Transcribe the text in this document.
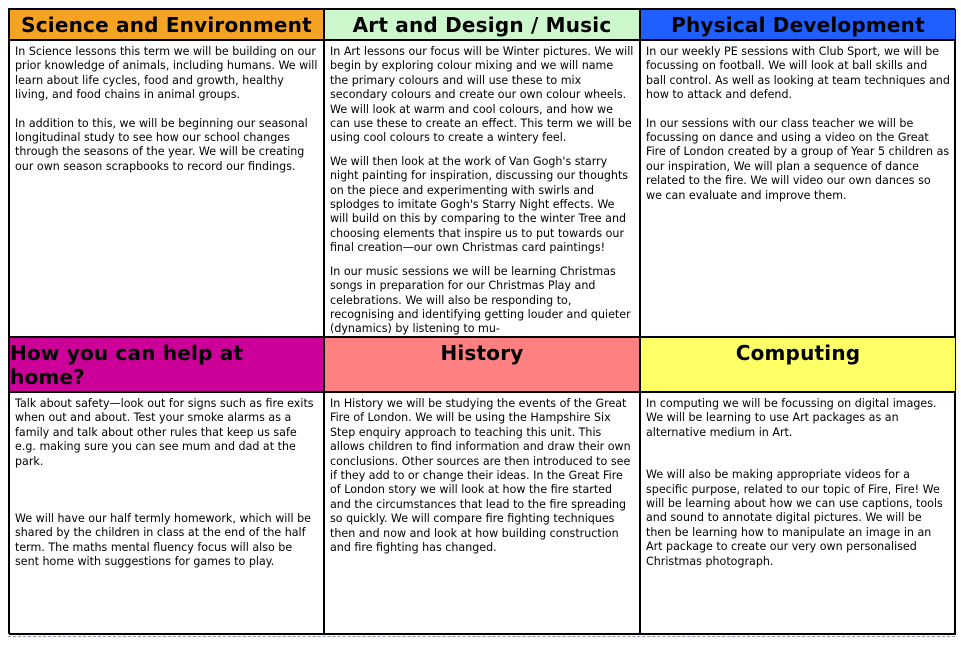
Science and Environment Art and Design / Music	Physical Development

In Science lessons this term we will be building on our prior knowledge of animals, including humans. We will learn about life cycles, food and growth, healthy living, and food chains in animal groups.

In addition to this, we will be beginning our seasonal longitudinal study to see how our school changes through the seasons of the year. We will be creating our own season scrapbooks to record our findings.

In Art lessons our focus will be Winter pictures. We will begin by exploring colour mixing and we will name the primary colours and will use these to mix secondary colours and create our own colour wheels. We will look at warm and cool colours, and how we can use these to create an effect. This term we will be using cool colours to create a wintery feel.

We will then look at the work of Van Gogh's starry night painting for inspiration, discussing our thoughts on the piece and experimenting with swirls and splodges to imitate Gogh's Starry Night effects. We will build on this by comparing to the winter Tree and choosing elements that inspire us to put towards our final creation—our own Christmas card paintings!

In our music sessions we will be learning Christmas songs in preparation for our Christmas Play and celebrations. We will also be responding to, recognising and identifying getting louder and quieter (dynamics) by listening to mu-

In our weekly PE sessions with Club Sport, we will be focussing on football. We will look at ball skills and ball control. As well as looking at team techniques and how to attack and defend.

In our sessions with our class teacher we will be focussing on dance and using a video on the Great Fire of London created by a group of Year 5 children as our inspiration, We will plan a sequence of dance related to the fire. We will video our own dances so we can evaluate and improve them.

How you can help at home?
History	Computing

Talk about safety—look out for signs such as fire exits when out and about. Test your smoke alarms as a family and talk about other rules that keep us safe e.g. making sure you can see mum and dad at the park.

We will have our half termly homework, which will be shared by the children in class at the end of the half term. The maths mental fluency focus will also be sent home with suggestions for games to play.

In History we will be studying the events of the Great Fire of London. We will be using the Hampshire Six Step enquiry approach to teaching this unit. This allows children to find information and draw their own conclusions. Other sources are then introduced to see if they add to or change their ideas. In the Great Fire of London story we will look at how the fire started and the circumstances that lead to the fire spreading so quickly. We will compare fire fighting techniques then and now and look at how building construction and fire fighting has changed.

In computing we will be focussing on digital images. We will be learning to use Art packages as an alternative medium in Art.

We will also be making appropriate videos for a specific purpose, related to our topic of Fire, Fire! We will be learning about how we can use captions, tools and sound to annotate digital pictures. We will be then be learning how to manipulate an image in an Art package to create our very own personalised Christmas photograph.
